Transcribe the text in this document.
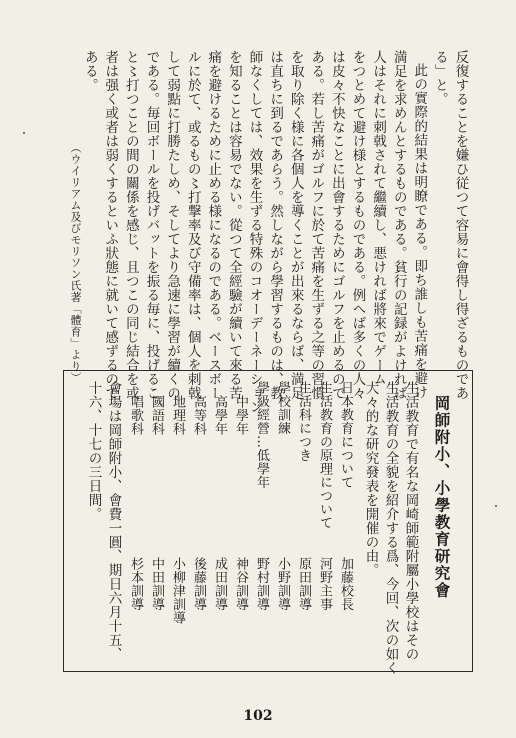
反復することを嫌ひ従つて容易に會得し得ざるものであ
る」と。
此の實際的結果は明瞭である。即ち誰しも苦痛を避け
満足を求めんとするものである。貧行の記録がよければ
人はそれに刺戟されて繼續し、悪ければ將來でゲーム
をつとめて避け様とするものである。例へば多くの人々
は皮々不快なことに出會するためにゴルフを止めるので
ある。若し苦痛がゴルフに於て苦痛を生ずる之等の習慣
を取り除く様に各個人を導くことが出來るならば、満足
は直ちに到るであらう。然しながら學習するものは、教
師なくしては、效果を生ずる特殊のコオーデーネーション
を知ることは容易でない。從つて全經驗が續いて來る苦
痛を避けるために止める様になるのである。ベースボー
ルに於て、或るもの〻打撃率及び守備率は、個人を刺戟
して弱點に打勝たしめ、そしてより急速に學習が續くの
である。毎回ボールを投げバットを振る毎に、投げるこ
と〻打つことの間の關係を感じ、且つこの同じ結合を或
者は强く或者は弱くするといふ狀態に就いて感ずるので
ある。
（ウイリアム及びモリソン氏著「體育」より）
岡師附小、小學教育研究會
生活教育で有名な岡崎師範附屬小學校はその
生活教育の全貌を紹介する爲、今回、次の如く
大々的な研究發表を開催の由。
日本教育について
加藤校長
生活教育の原理について
河野主事
生活科につき
原田訓導
學校訓練
小野訓導
學級經營…低學年
野村訓導
中學年
神谷訓導
高學年
成田訓導
高等科
後藤訓導
地理科
小柳津訓導
國語科
中田訓導
唱歌科
杉本訓導
會場は岡師附小、會費一圓、期日六月十五、
十六、十七の三日間。
102
